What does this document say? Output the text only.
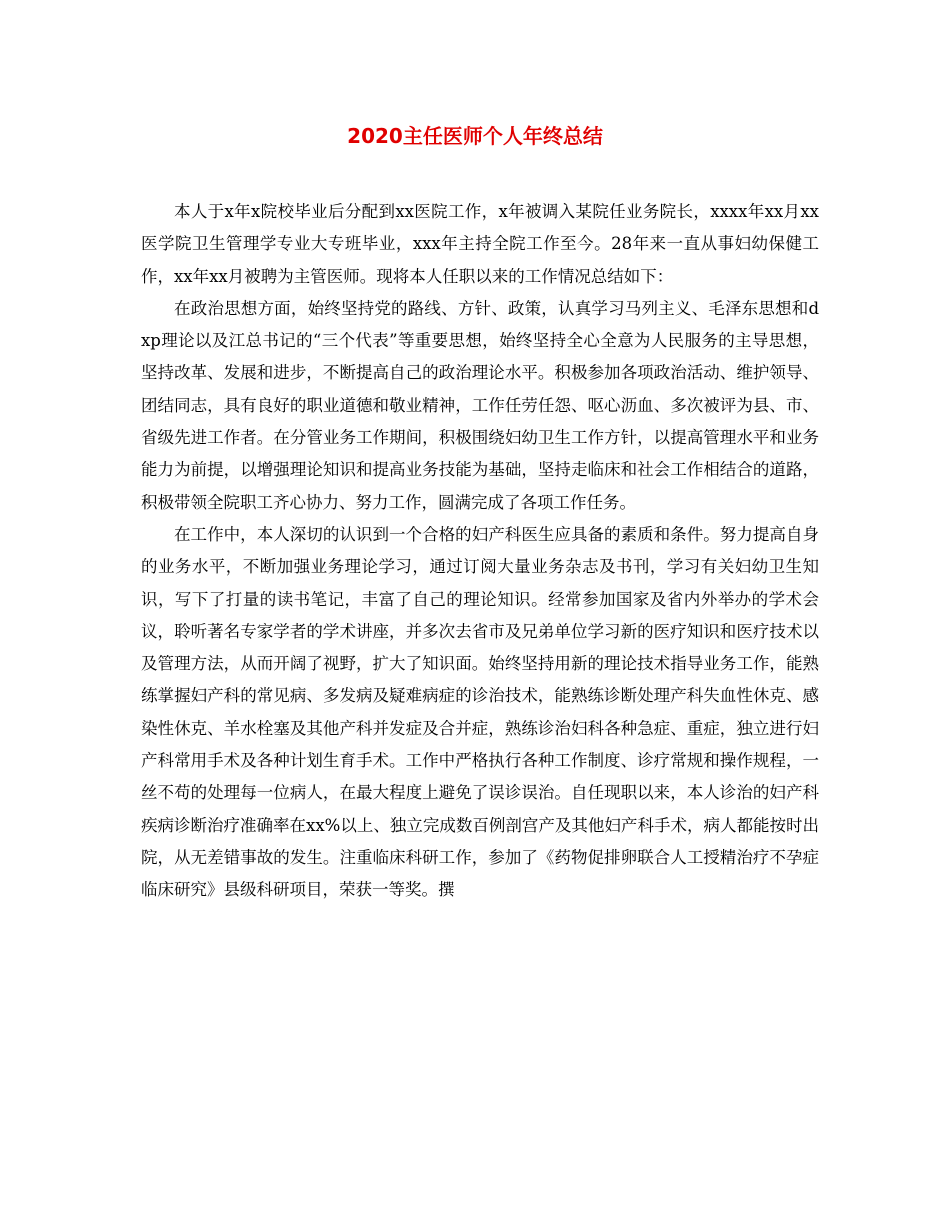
2020主任医师个人年终总结

本人于x年x院校毕业后分配到xx医院工作，x年被调入某院任业务院长，xxxx年xx月xx医学院卫生管理学专业大专班毕业，xxx年主持全院工作至今。28年来一直从事妇幼保健工作，xx年xx月被聘为主管医师。现将本人任职以来的工作情况总结如下：

在政治思想方面，始终坚持党的路线、方针、政策，认真学习马列主义、毛泽东思想和dxp理论以及江总书记的“三个代表”等重要思想，始终坚持全心全意为人民服务的主导思想，坚持改革、发展和进步，不断提高自己的政治理论水平。积极参加各项政治活动、维护领导、团结同志，具有良好的职业道德和敬业精神，工作任劳任怨、呕心沥血、多次被评为县、市、省级先进工作者。在分管业务工作期间，积极围绕妇幼卫生工作方针，以提高管理水平和业务能力为前提，以增强理论知识和提高业务技能为基础，坚持走临床和社会工作相结合的道路，积极带领全院职工齐心协力、努力工作，圆满完成了各项工作任务。

在工作中，本人深切的认识到一个合格的妇产科医生应具备的素质和条件。努力提高自身的业务水平，不断加强业务理论学习，通过订阅大量业务杂志及书刊，学习有关妇幼卫生知识，写下了打量的读书笔记，丰富了自己的理论知识。经常参加国家及省内外举办的学术会议，聆听著名专家学者的学术讲座，并多次去省市及兄弟单位学习新的医疗知识和医疗技术以及管理方法，从而开阔了视野，扩大了知识面。始终坚持用新的理论技术指导业务工作，能熟练掌握妇产科的常见病、多发病及疑难病症的诊治技术，能熟练诊断处理产科失血性休克、感染性休克、羊水栓塞及其他产科并发症及合并症，熟练诊治妇科各种急症、重症，独立进行妇产科常用手术及各种计划生育手术。工作中严格执行各种工作制度、诊疗常规和操作规程，一丝不苟的处理每一位病人，在最大程度上避免了误诊误治。自任现职以来，本人诊治的妇产科疾病诊断治疗准确率在xx%以上、独立完成数百例剖宫产及其他妇产科手术，病人都能按时出院，从无差错事故的发生。注重临床科研工作，参加了《药物促排卵联合人工授精治疗不孕症临床研究》县级科研项目，荣获一等奖。撰
